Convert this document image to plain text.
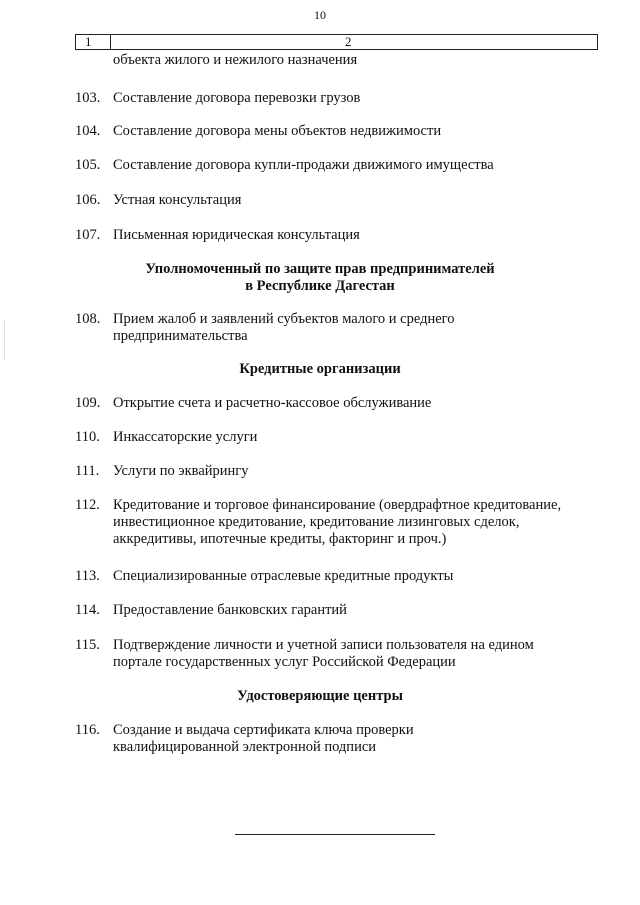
10
1	2
объекта жилого и нежилого назначения
103. Составление договора перевозки грузов
104. Составление договора мены объектов недвижимости
105. Составление договора купли-продажи движимого имущества
106. Устная консультация
107. Письменная юридическая консультация
Уполномоченный по защите прав предпринимателей
в Республике Дагестан
108. Прием жалоб и заявлений субъектов малого и среднего
предпринимательства
Кредитные организации
109. Открытие счета и расчетно-кассовое обслуживание
110. Инкассаторские услуги
111. Услуги по эквайрингу
112. Кредитование и торговое финансирование (овердрафтное кредитование,
инвестиционное кредитование, кредитование лизинговых сделок,
аккредитивы, ипотечные кредиты, факторинг и проч.)
113. Специализированные отраслевые кредитные продукты
114. Предоставление банковских гарантий
115. Подтверждение личности и учетной записи пользователя на едином
портале государственных услуг Российской Федерации
Удостоверяющие центры
116. Создание и выдача сертификата ключа проверки
квалифицированной электронной подписи
